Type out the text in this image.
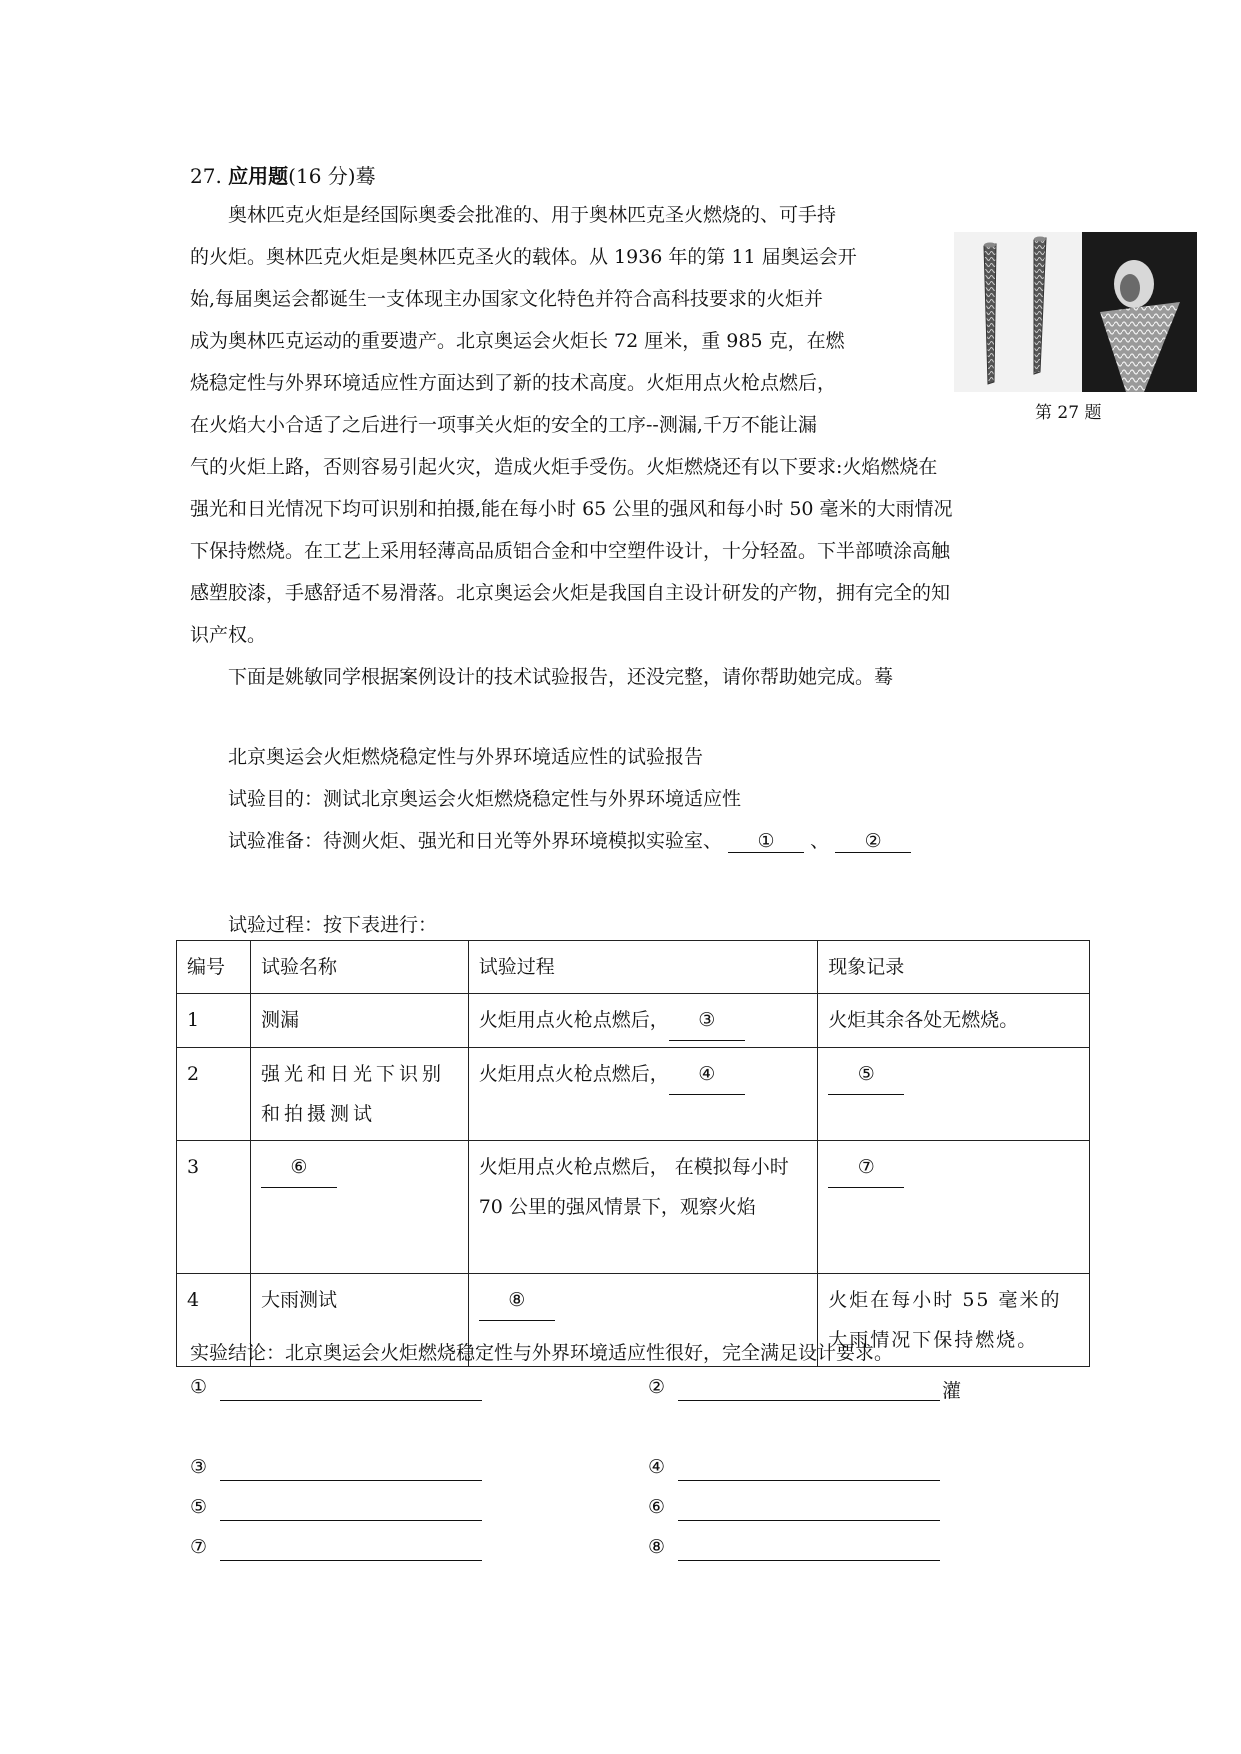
27. 应用题(16 分)蓦
奥林匹克火炬是经国际奥委会批准的、用于奥林匹克圣火燃烧的、可手持
的火炬。奥林匹克火炬是奥林匹克圣火的载体。从 1936 年的第 11 届奥运会开
始,每届奥运会都诞生一支体现主办国家文化特色并符合高科技要求的火炬并
成为奥林匹克运动的重要遗产。北京奥运会火炬长 72 厘米，重 985 克，在燃
烧稳定性与外界环境适应性方面达到了新的技术高度。火炬用点火枪点燃后，
在火焰大小合适了之后进行一项事关火炬的安全的工序--测漏,千万不能让漏
气的火炬上路，否则容易引起火灾，造成火炬手受伤。火炬燃烧还有以下要求:火焰燃烧在
强光和日光情况下均可识别和拍摄,能在每小时 65 公里的强风和每小时 50 毫米的大雨情况
下保持燃烧。在工艺上采用轻薄高品质铝合金和中空塑件设计，十分轻盈。下半部喷涂高触
感塑胶漆，手感舒适不易滑落。北京奥运会火炬是我国自主设计研发的产物，拥有完全的知
识产权。
下面是姚敏同学根据案例设计的技术试验报告，还没完整，请你帮助她完成。蓦
第 27 题
北京奥运会火炬燃烧稳定性与外界环境适应性的试验报告
试验目的：测试北京奥运会火炬燃烧稳定性与外界环境适应性
试验准备：待测火炬、强光和日光等外界环境模拟实验室、 ① 、 ②
试验过程：按下表进行：
编号	试验名称	试验过程	现象记录
1	测漏	火炬用点火枪点燃后， ③	火炬其余各处无燃烧。
2	强光和日光下识别和拍摄测试	火炬用点火枪点燃后， ④	⑤
3	⑥	火炬用点火枪点燃后， 在模拟每小时 70 公里的强风情景下，观察火焰	⑦
4	大雨测试	⑧	火炬在每小时 55 毫米的大雨情况下保持燃烧。
实验结论：北京奥运会火炬燃烧稳定性与外界环境适应性很好，完全满足设计要求。
①	②	灌
③	④
⑤	⑥
⑦	⑧
